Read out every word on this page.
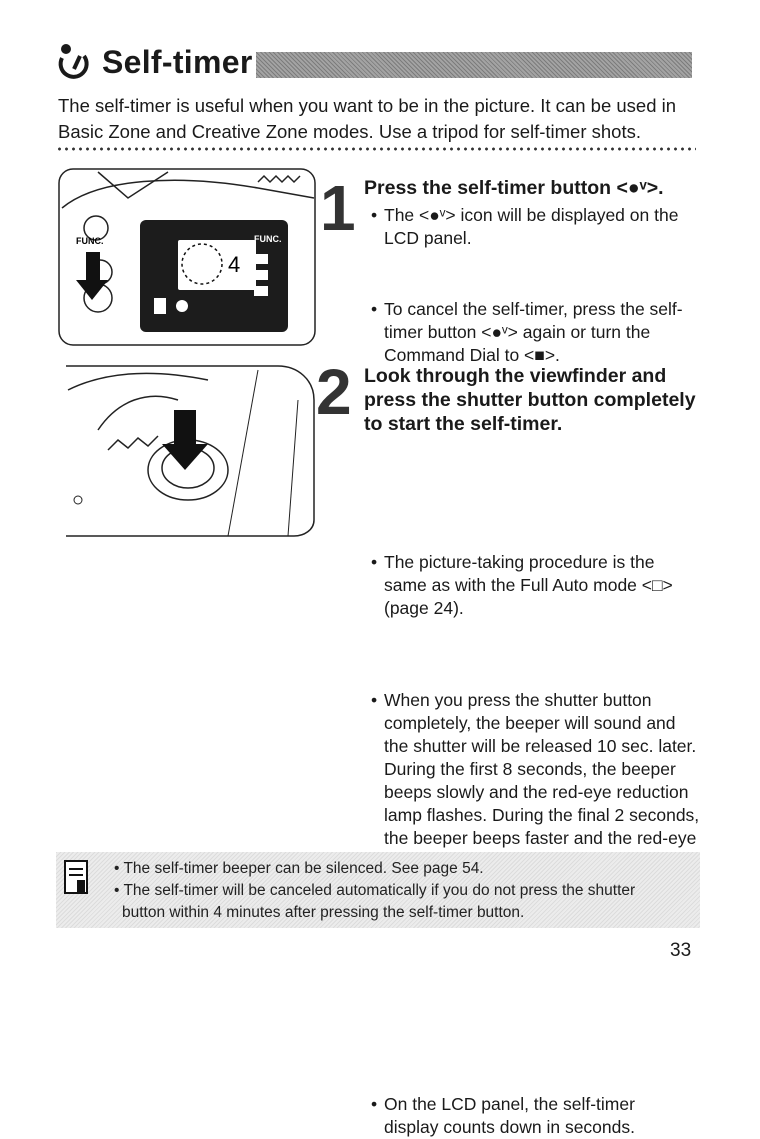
Self-timer
The self-timer is useful when you want to be in the picture. It can be used in Basic Zone and Creative Zone modes. Use a tripod for self-timer shots.
FUNC.
4
FUNC. 1
2
Press the self-timer button <●ᵛ>.
• The <●ᵛ> icon will be displayed on the LCD panel.
• To cancel the self-timer, press the self-timer button <●ᵛ> again or turn the Command Dial to <■>.
Look through the viewfinder and press the shutter button completely to start the self-timer.
• The picture-taking procedure is the same as with the Full Auto mode <□> (page 24).
• When you press the shutter button completely, the beeper will sound and the shutter will be released 10 sec. later. During the first 8 seconds, the beeper beeps slowly and the red-eye reduction lamp flashes. During the final 2 seconds, the beeper beeps faster and the red-eye
• On the LCD panel, the self-timer display counts down in seconds.
• The self-timer beeper can be silenced. See page 54.
• The self-timer will be canceled automatically if you do not press the shutter
button within 4 minutes after pressing the self-timer button.
33
